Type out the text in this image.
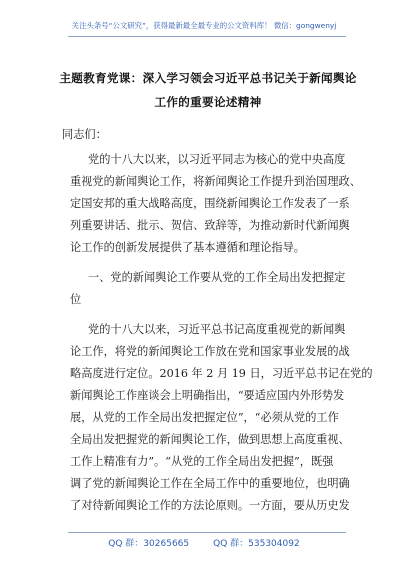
关注头条号“公文研究”，获得最新最全最专业的公文资料库！ 微信：gongwenyj
主题教育党课：深入学习领会习近平总书记关于新闻舆论
工作的重要论述精神
同志们：
党的十八大以来，以习近平同志为核心的党中央高度
重视党的新闻舆论工作，将新闻舆论工作提升到治国理政、
定国安邦的重大战略高度，围绕新闻舆论工作发表了一系
列重要讲话、批示、贺信、致辞等，为推动新时代新闻舆
论工作的创新发展提供了基本遵循和理论指导。
一、党的新闻舆论工作要从党的工作全局出发把握定
位
党的十八大以来，习近平总书记高度重视党的新闻舆
论工作，将党的新闻舆论工作放在党和国家事业发展的战
略高度进行定位。2016 年 2 月 19 日，习近平总书记在党的
新闻舆论工作座谈会上明确指出，“要适应国内外形势发
展，从党的工作全局出发把握定位”，“必须从党的工作
全局出发把握党的新闻舆论工作，做到思想上高度重视、
工作上精准有力”。“从党的工作全局出发把握”，既强
调了党的新闻舆论工作在全局工作中的重要地位，也明确
了对待新闻舆论工作的方法论原则。一方面，要从历史发
QQ 群：30265665	QQ 群：535304092
